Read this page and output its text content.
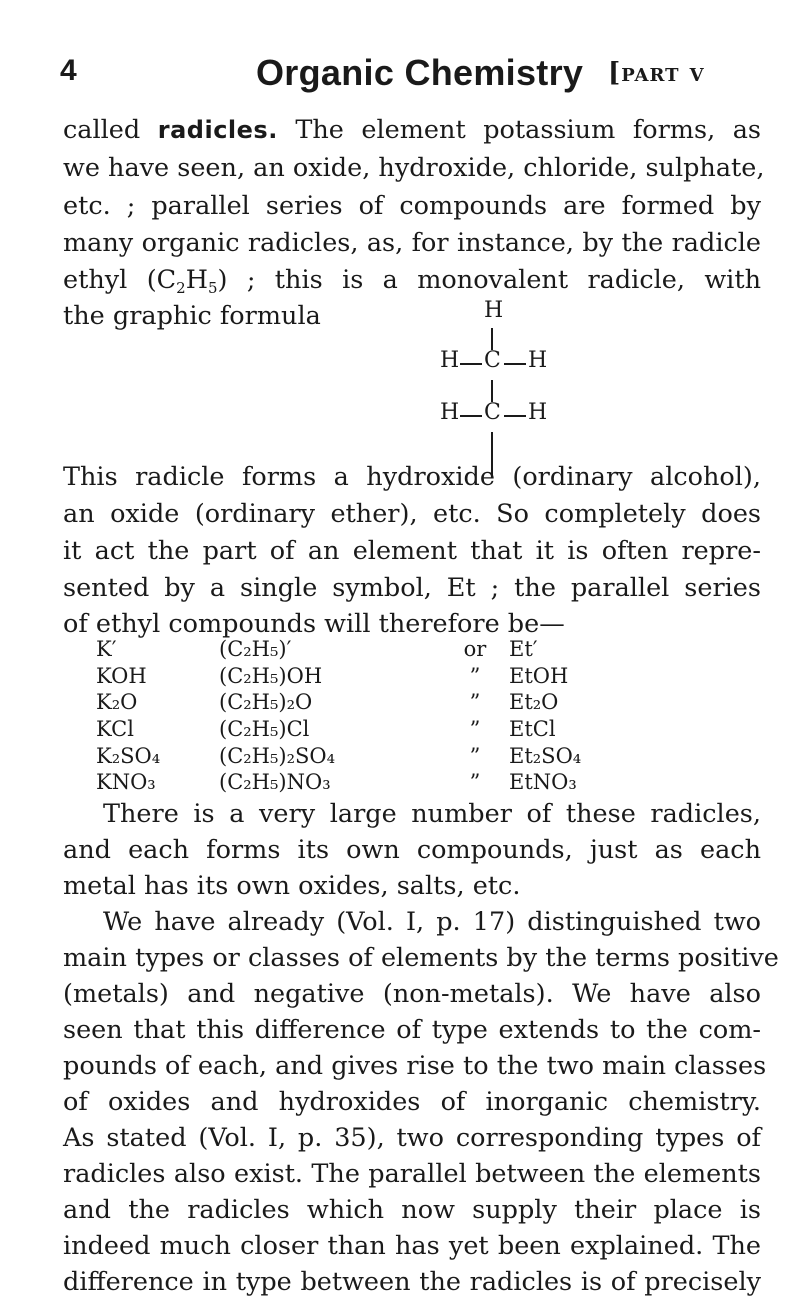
4	Organic Chemistry [part v
called radicles. The element potassium forms, as
we have seen, an oxide, hydroxide, chloride, sulphate,
etc. ; parallel series of compounds are formed by
many organic radicles, as, for instance, by the radicle
ethyl $(C_2H_5)$ ; this is a monovalent radicle, with
the graphic formula	H
H C H
H C H
This radicle forms a hydroxide (ordinary alcohol),
an oxide (ordinary ether), etc. So completely does
it act the part of an element that it is often repre-
sented by a single symbol, Et ; the parallel series
K′	(C₂H₅)′	or	Et′
KOH	(C₂H₅)OH	”	EtOH
K₂O	(C₂H₅)₂O	”	Et₂O
KCl	(C₂H₅)Cl	”	EtCl
K₂SO₄	(C₂H₅)₂SO₄	”	Et₂SO₄
KNO₃	(C₂H₅)NO₃	”	EtNO₃
There is a very large number of these radicles,
and each forms its own compounds, just as each
metal has its own oxides, salts, etc.
We have already (Vol. I, p. 17) distinguished two
main types or classes of elements by the terms positive
(metals) and negative (non-metals). We have also
seen that this difference of type extends to the com-
pounds of each, and gives rise to the two main classes
of oxides and hydroxides of inorganic chemistry.
As stated (Vol. I, p. 35), two corresponding types of
radicles also exist. The parallel between the elements
and the radicles which now supply their place is
indeed much closer than has yet been explained. The
difference in type between the radicles is of precisely
of ethyl compounds will therefore be—
